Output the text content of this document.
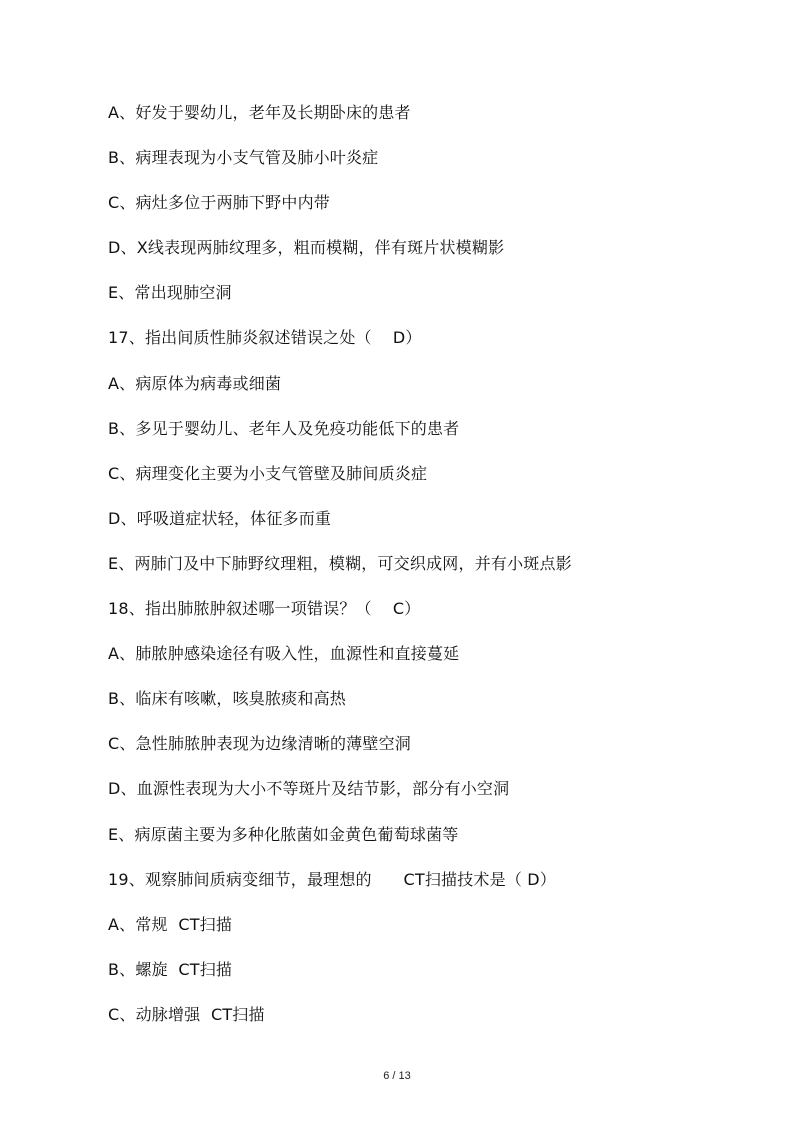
A、好发于婴幼儿，老年及长期卧床的患者
B、病理表现为小支气管及肺小叶炎症
C、病灶多位于两肺下野中内带
D、X线表现两肺纹理多，粗而模糊，伴有斑片状模糊影
E、常出现肺空洞
17、指出间质性肺炎叙述错误之处（    D）
A、病原体为病毒或细菌
B、多见于婴幼儿、老年人及免疫功能低下的患者
C、病理变化主要为小支气管壁及肺间质炎症
D、呼吸道症状轻，体征多而重
E、两肺门及中下肺野纹理粗，模糊，可交织成网，并有小斑点影
18、指出肺脓肿叙述哪一项错误？（    C）
A、肺脓肿感染途径有吸入性，血源性和直接蔓延
B、临床有咳嗽，咳臭脓痰和高热
C、急性肺脓肿表现为边缘清晰的薄壁空洞
D、血源性表现为大小不等斑片及结节影，部分有小空洞
E、病原菌主要为多种化脓菌如金黄色葡萄球菌等
19、观察肺间质病变细节，最理想的      CT扫描技术是（ D）
A、常规  CT扫描
B、螺旋  CT扫描
C、动脉增强  CT扫描
6 / 13
